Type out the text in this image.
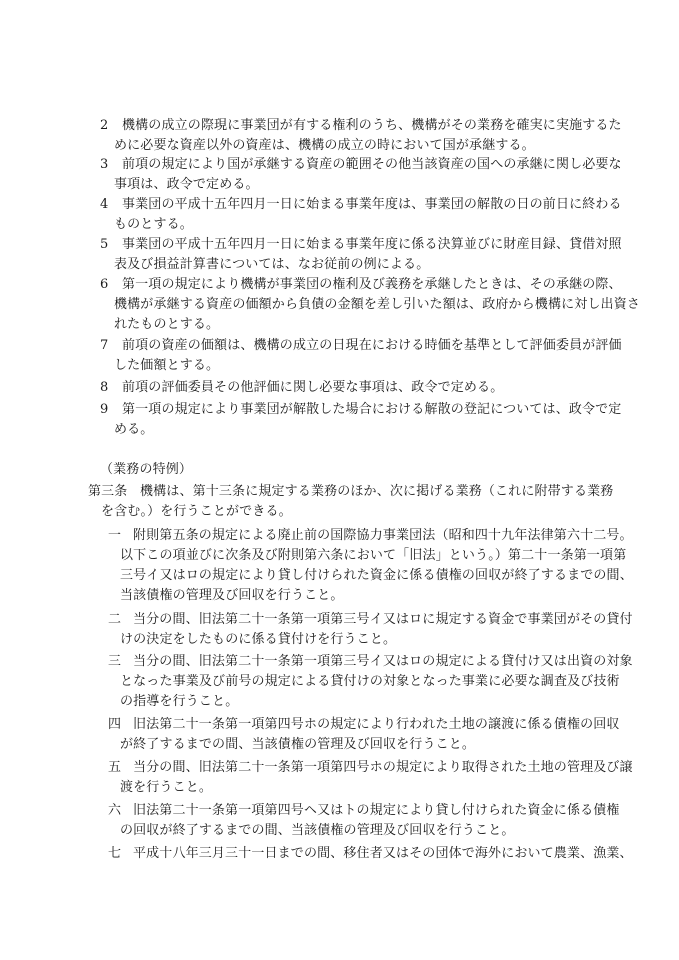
2 機構の成立の際現に事業団が有する権利のうち、機構がその業務を確実に実施するた
めに必要な資産以外の資産は、機構の成立の時において国が承継する。
3 前項の規定により国が承継する資産の範囲その他当該資産の国への承継に関し必要な
事項は、政令で定める。
4 事業団の平成十五年四月一日に始まる事業年度は、事業団の解散の日の前日に終わる
ものとする。
5 事業団の平成十五年四月一日に始まる事業年度に係る決算並びに財産目録、貸借対照
表及び損益計算書については、なお従前の例による。
6 第一項の規定により機構が事業団の権利及び義務を承継したときは、その承継の際、
機構が承継する資産の価額から負債の金額を差し引いた額は、政府から機構に対し出資さ
れたものとする。
7 前項の資産の価額は、機構の成立の日現在における時価を基準として評価委員が評価
した価額とする。
8 前項の評価委員その他評価に関し必要な事項は、政令で定める。
9 第一項の規定により事業団が解散した場合における解散の登記については、政令で定
める。
（業務の特例）
第三条 機構は、第十三条に規定する業務のほか、次に掲げる業務（これに附帯する業務
を含む。）を行うことができる。
一 附則第五条の規定による廃止前の国際協力事業団法（昭和四十九年法律第六十二号。
以下この項並びに次条及び附則第六条において「旧法」という。）第二十一条第一項第
三号イ又はロの規定により貸し付けられた資金に係る債権の回収が終了するまでの間、
当該債権の管理及び回収を行うこと。
二 当分の間、旧法第二十一条第一項第三号イ又はロに規定する資金で事業団がその貸付
けの決定をしたものに係る貸付けを行うこと。
三 当分の間、旧法第二十一条第一項第三号イ又はロの規定による貸付け又は出資の対象
となった事業及び前号の規定による貸付けの対象となった事業に必要な調査及び技術
の指導を行うこと。
四 旧法第二十一条第一項第四号ホの規定により行われた土地の譲渡に係る債権の回収
が終了するまでの間、当該債権の管理及び回収を行うこと。
五 当分の間、旧法第二十一条第一項第四号ホの規定により取得された土地の管理及び譲
渡を行うこと。
六 旧法第二十一条第一項第四号ヘ又はトの規定により貸し付けられた資金に係る債権
の回収が終了するまでの間、当該債権の管理及び回収を行うこと。
七 平成十八年三月三十一日までの間、移住者又はその団体で海外において農業、漁業、
